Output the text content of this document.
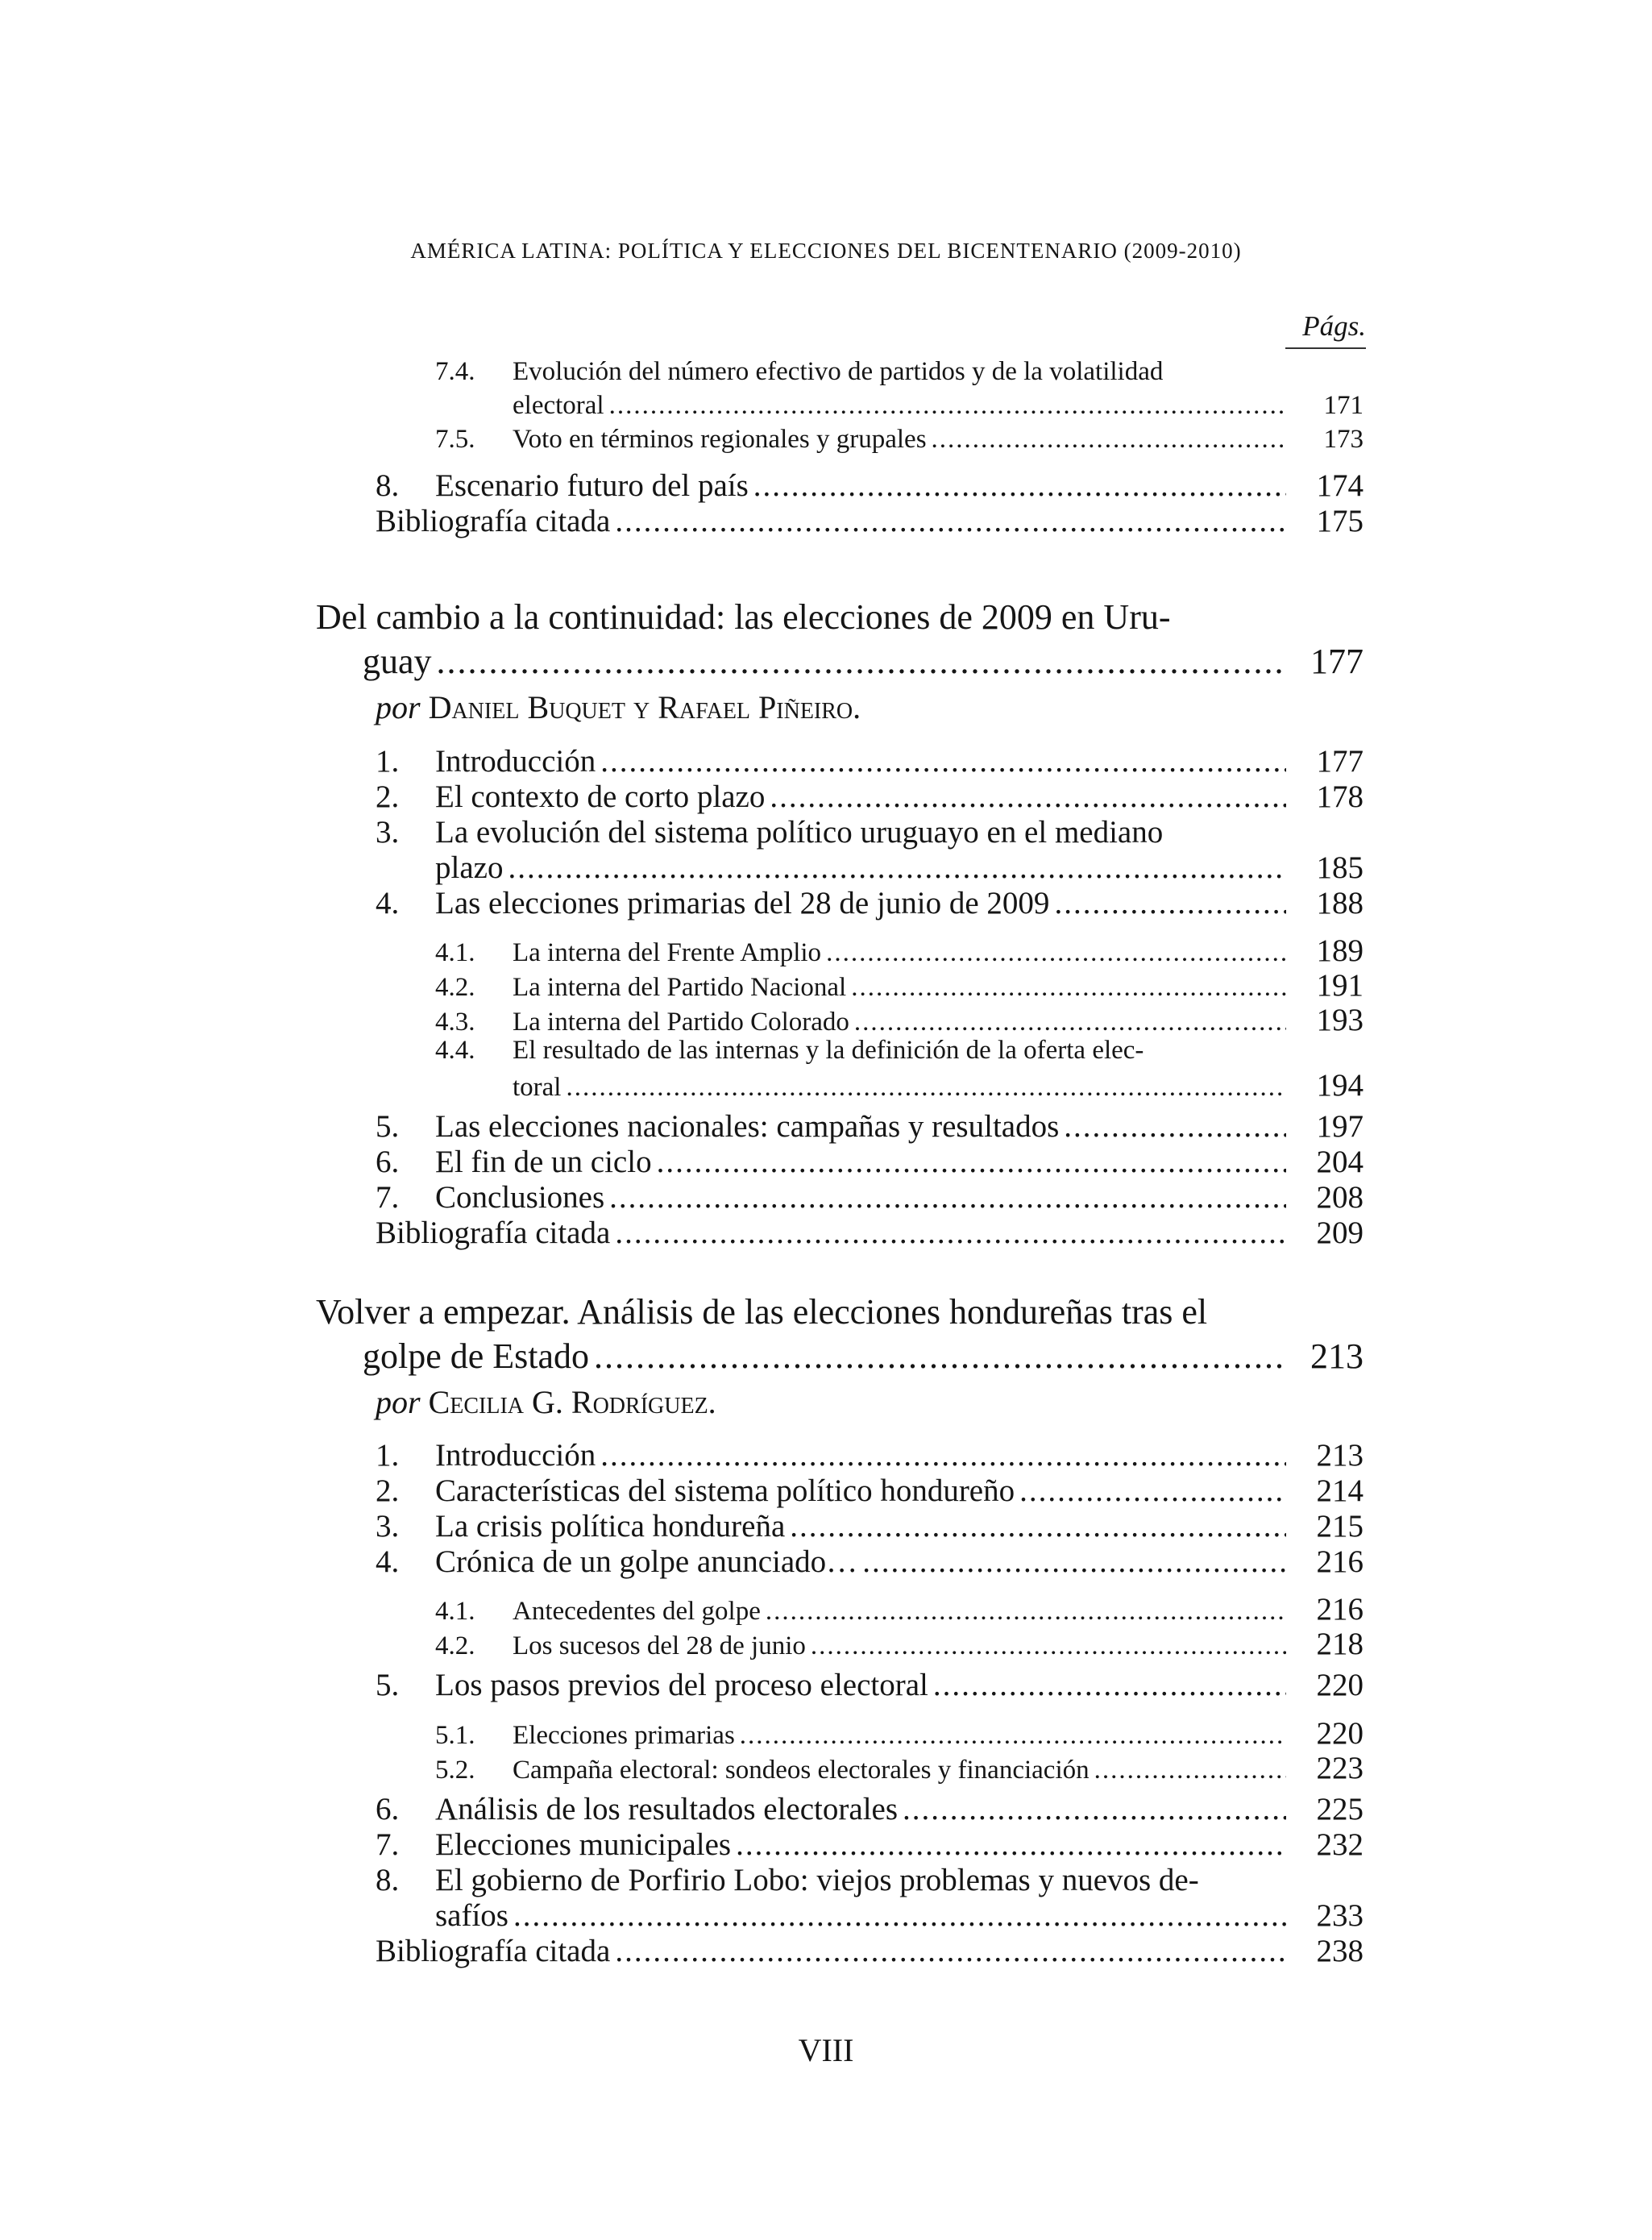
AMÉRICA LATINA: POLÍTICA Y ELECCIONES DEL BICENTENARIO (2009-2010)
Págs.
7.4. Evolución del número efectivo de partidos y de la volatilidad
electoral .....	171
7.5.	Voto en términos regionales y grupales .....	173
8.	Escenario futuro del país .....	174
Bibliografía citada .....	175
Del cambio a la continuidad: las elecciones de 2009 en Uru-
guay .....	177
por Daniel Buquet y Rafael Piñeiro.
1.	Introducción .....	177
2.	El contexto de corto plazo .....	178
3. La evolución del sistema político uruguayo en el mediano
plazo .....	185
4.	Las elecciones primarias del 28 de junio de 2009 .....	188
4.1.	La interna del Frente Amplio .....	189
4.2.	La interna del Partido Nacional .....	191
4.3.	La interna del Partido Colorado .....	193
4.4. El resultado de las internas y la definición de la oferta elec-
toral .....	194
5.	Las elecciones nacionales: campañas y resultados .....	197
6.	El fin de un ciclo .....	204
7.	Conclusiones .....	208
Bibliografía citada .....	209
Volver a empezar. Análisis de las elecciones hondureñas tras el
golpe de Estado .....	213
por Cecilia G. Rodríguez.
1.	Introducción .....	213
2.	Características del sistema político hondureño .....	214
3.	La crisis política hondureña .....	215
4.	Crónica de un golpe anunciado… .....	216
4.1.	Antecedentes del golpe .....	216
4.2.	Los sucesos del 28 de junio .....	218
5.	Los pasos previos del proceso electoral .....	220
5.1.	Elecciones primarias .....	220
5.2.	Campaña electoral: sondeos electorales y financiación .....	223
6.	Análisis de los resultados electorales .....	225
7.	Elecciones municipales .....	232
8. El gobierno de Porfirio Lobo: viejos problemas y nuevos de-
safíos .....	233
Bibliografía citada .....	238
VIII
